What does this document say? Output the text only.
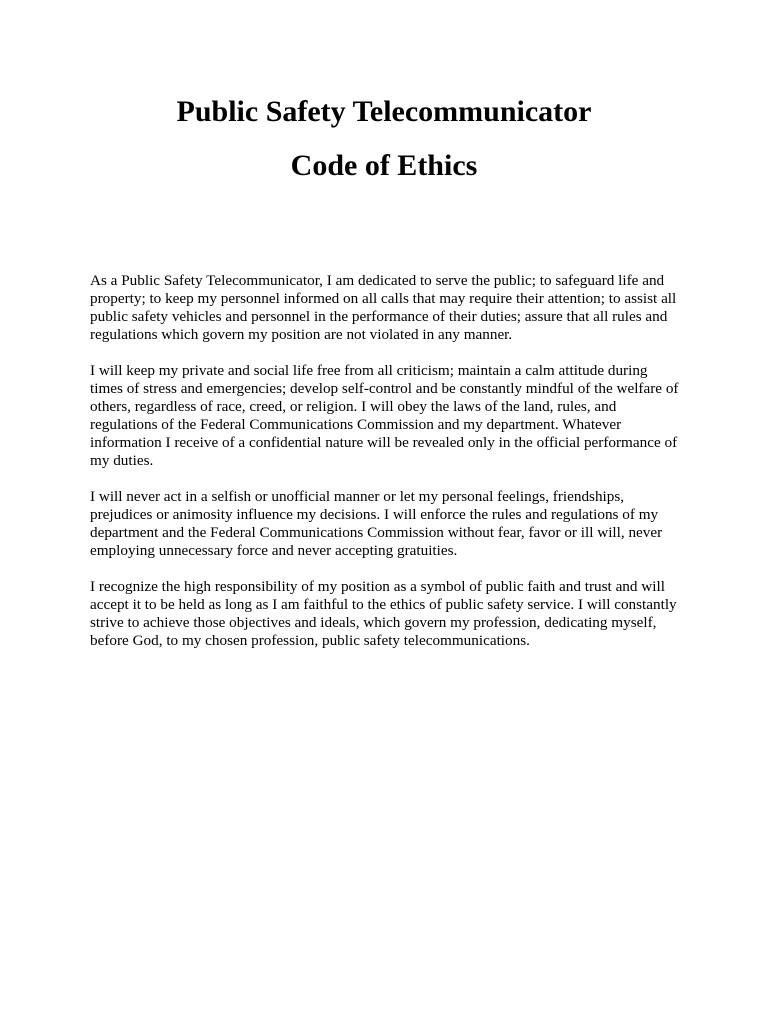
Public Safety Telecommunicator
Code of Ethics

As a Public Safety Telecommunicator, I am dedicated to serve the public; to safeguard life and property; to keep my personnel informed on all calls that may require their attention; to assist all public safety vehicles and personnel in the performance of their duties; assure that all rules and regulations which govern my position are not violated in any manner.

I will keep my private and social life free from all criticism; maintain a calm attitude during times of stress and emergencies; develop self-control and be constantly mindful of the welfare of others, regardless of race, creed, or religion. I will obey the laws of the land, rules, and regulations of the Federal Communications Commission and my department. Whatever information I receive of a confidential nature will be revealed only in the official performance of my duties.

I will never act in a selfish or unofficial manner or let my personal feelings, friendships, prejudices or animosity influence my decisions. I will enforce the rules and regulations of my department and the Federal Communications Commission without fear, favor or ill will, never employing unnecessary force and never accepting gratuities.

I recognize the high responsibility of my position as a symbol of public faith and trust and will accept it to be held as long as I am faithful to the ethics of public safety service. I will constantly strive to achieve those objectives and ideals, which govern my profession, dedicating myself, before God, to my chosen profession, public safety telecommunications.
